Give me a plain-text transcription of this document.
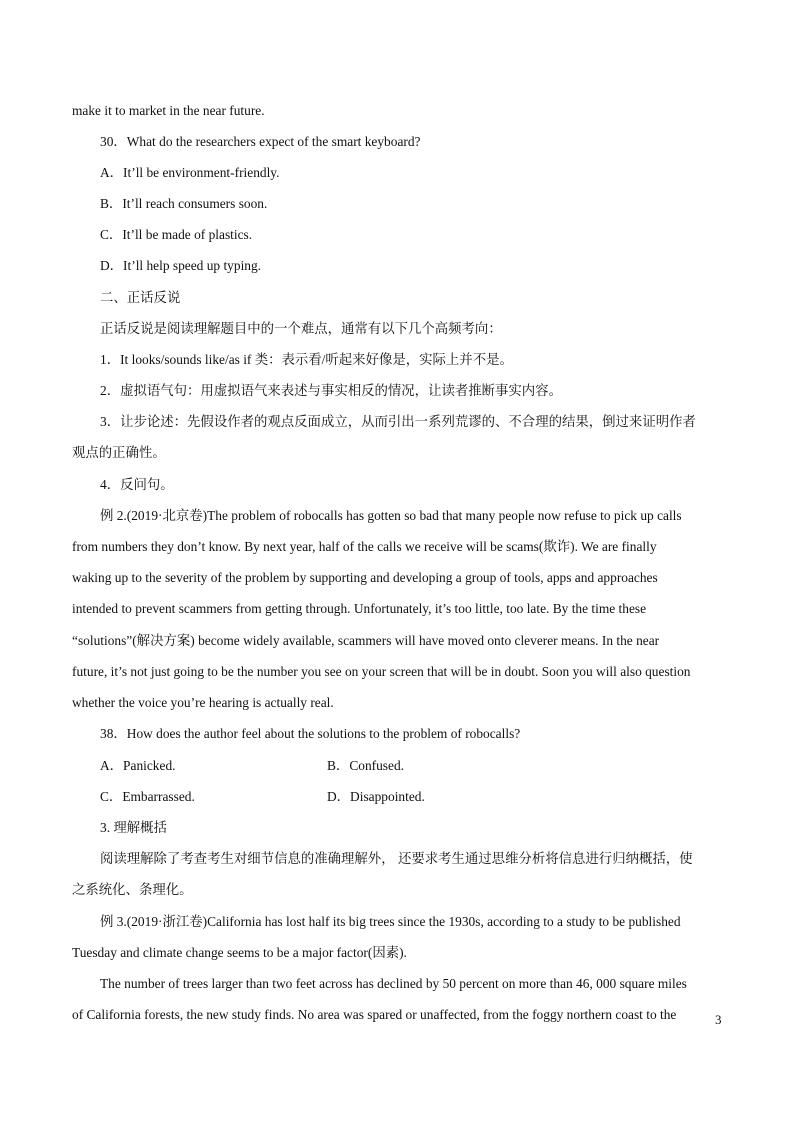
make it to market in the near future.
30．What do the researchers expect of the smart keyboard?
A．It’ll be environment-friendly.
B．It’ll reach consumers soon.
C．It’ll be made of plastics.
D．It’ll help speed up typing.
二、正话反说
正话反说是阅读理解题目中的一个难点，通常有以下几个高频考向：
1．It looks/sounds like/as if 类：表示看/听起来好像是，实际上并不是。
2．虚拟语气句：用虚拟语气来表述与事实相反的情况，让读者推断事实内容。
3．让步论述：先假设作者的观点反面成立，从而引出一系列荒谬的、不合理的结果，倒过来证明作者
观点的正确性。
4．反问句。
例 2.(2019·北京卷)The problem of robocalls has gotten so bad that many people now refuse to pick up calls
from numbers they don’t know. By next year, half of the calls we receive will be scams(欺诈). We are finally
waking up to the severity of the problem by supporting and developing a group of tools, apps and approaches
intended to prevent scammers from getting through. Unfortunately, it’s too little, too late. By the time these
“solutions”(解决方案) become widely available, scammers will have moved onto cleverer means. In the near
future, it’s not just going to be the number you see on your screen that will be in doubt. Soon you will also question
whether the voice you’re hearing is actually real.
38．How does the author feel about the solutions to the problem of robocalls?
A．Panicked.	B．Confused.
C．Embarrassed.	D．Disappointed.
3. 理解概括
阅读理解除了考查考生对细节信息的准确理解外， 还要求考生通过思维分析将信息进行归纳概括，使
之系统化、条理化。
例 3.(2019·浙江卷)California has lost half its big trees since the 1930s, according to a study to be published
Tuesday and climate change seems to be a major factor(因素).
The number of trees larger than two feet across has declined by 50 percent on more than 46, 000 square miles
of California forests, the new study finds. No area was spared or unaffected, from the foggy northern coast to the	3
